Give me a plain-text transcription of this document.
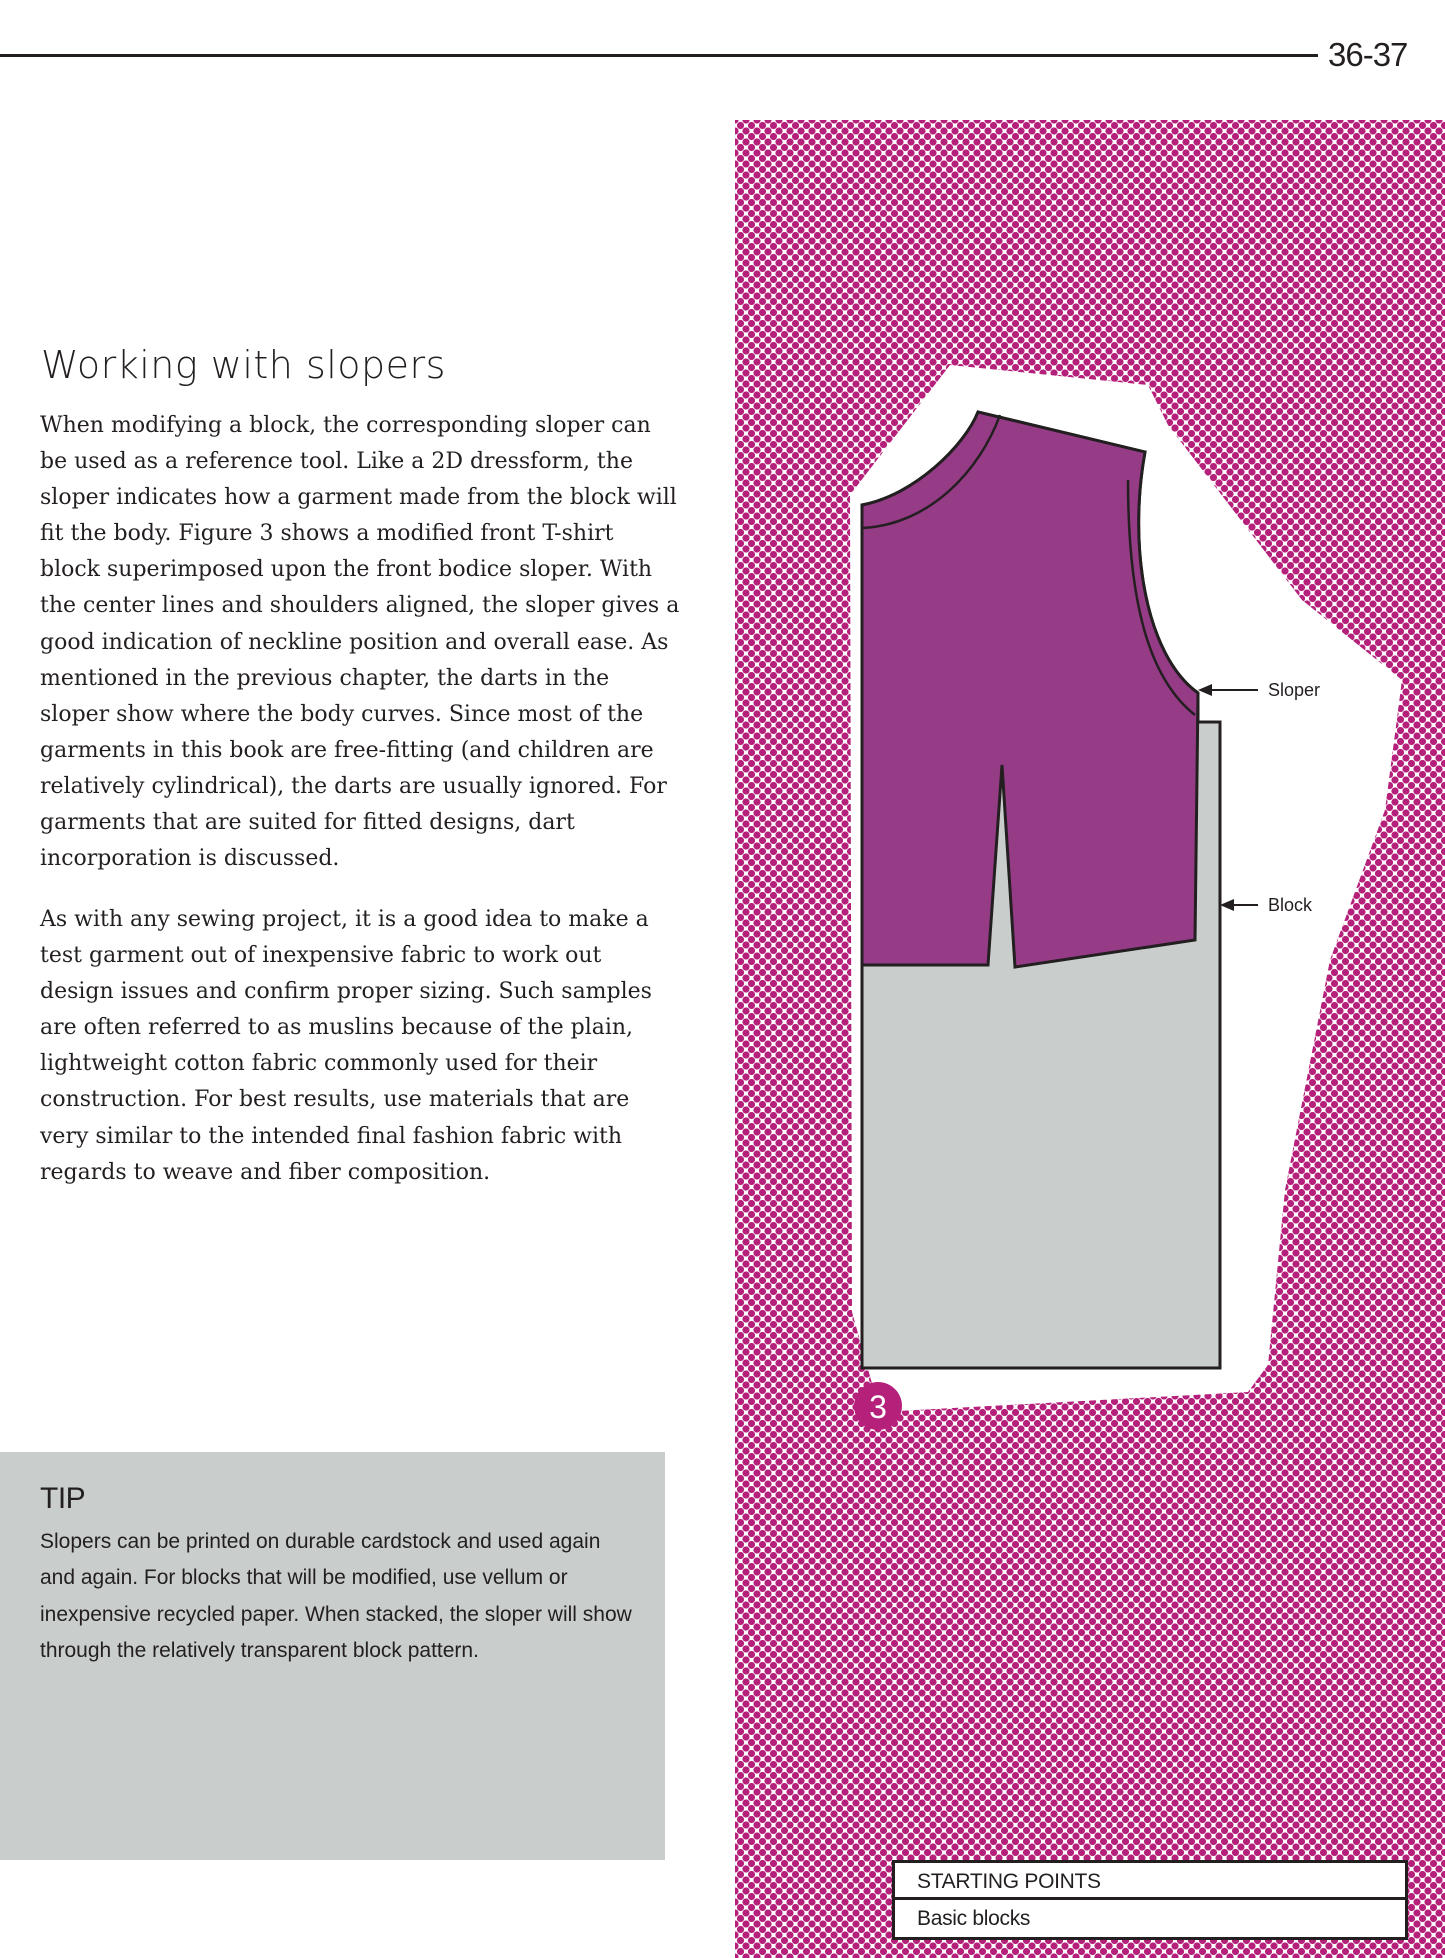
36-37
Working with slopers

When modifying a block, the corresponding sloper can be used as a reference tool. Like a 2D dressform, the sloper indicates how a garment made from the block will fit the body. Figure 3 shows a modified front T-shirt block superimposed upon the front bodice sloper. With the center lines and shoulders aligned, the sloper gives a good indication of neckline position and overall ease. As mentioned in the previous chapter, the darts in the sloper show where the body curves. Since most of the garments in this book are free-fitting (and children are relatively cylindrical), the darts are usually ignored. For garments that are suited for fitted designs, dart incorporation is discussed.

As with any sewing project, it is a good idea to make a test garment out of inexpensive fabric to work out design issues and confirm proper sizing. Such samples are often referred to as muslins because of the plain, lightweight cotton fabric commonly used for their construction. For best results, use materials that are very similar to the intended final fashion fabric with regards to weave and fiber composition.

TIP
Slopers can be printed on durable cardstock and used again and again. For blocks that will be modified, use vellum or inexpensive recycled paper. When stacked, the sloper will show through the relatively transparent block pattern.
Sloper
Block
3
STARTING POINTS
Basic blocks
